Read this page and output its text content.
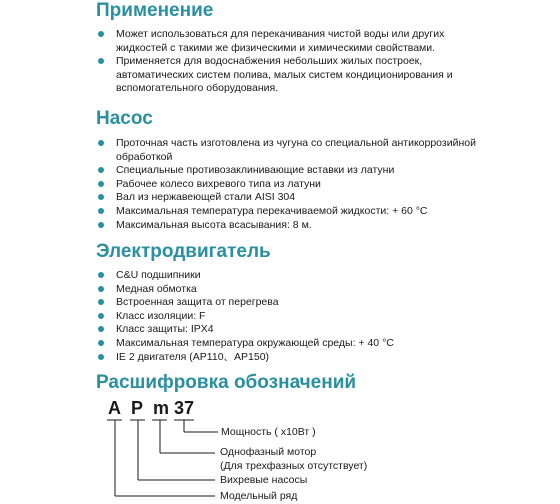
Применение
Может использоваться для перекачивания чистой воды или других жидкостей с такими же физическими и химическими свойствами.
Применяется для водоснабжения небольших жилых построек, автоматических систем полива, малых систем кондиционирования и вспомогательного оборудования.
Насос
Проточная часть изготовлена из чугуна со специальной антикоррозийной обработкой
Специальные противозаклинивающие вставки из латуни
Рабочее колесо вихревого типа из латуни
Вал из нержавеющей стали AISI 304
Максимальная температура перекачиваемой жидкости: + 60 °C
Максимальная высота всасывания: 8 м.
Электродвигатель
C&U подшипники
Медная обмотка
Встроенная защита от перегрева
Класс изоляции: F
Класс защиты: IPX4
Максимальная температура окружающей среды: + 40 °C
IE 2 двигателя (AP110、AP150)
Расшифровка обозначений
A P m 37
Мощность ( x10Вт )
Однофазный мотор
(Для трехфазных отсутствует)
Вихревые насосы
Модельный ряд
